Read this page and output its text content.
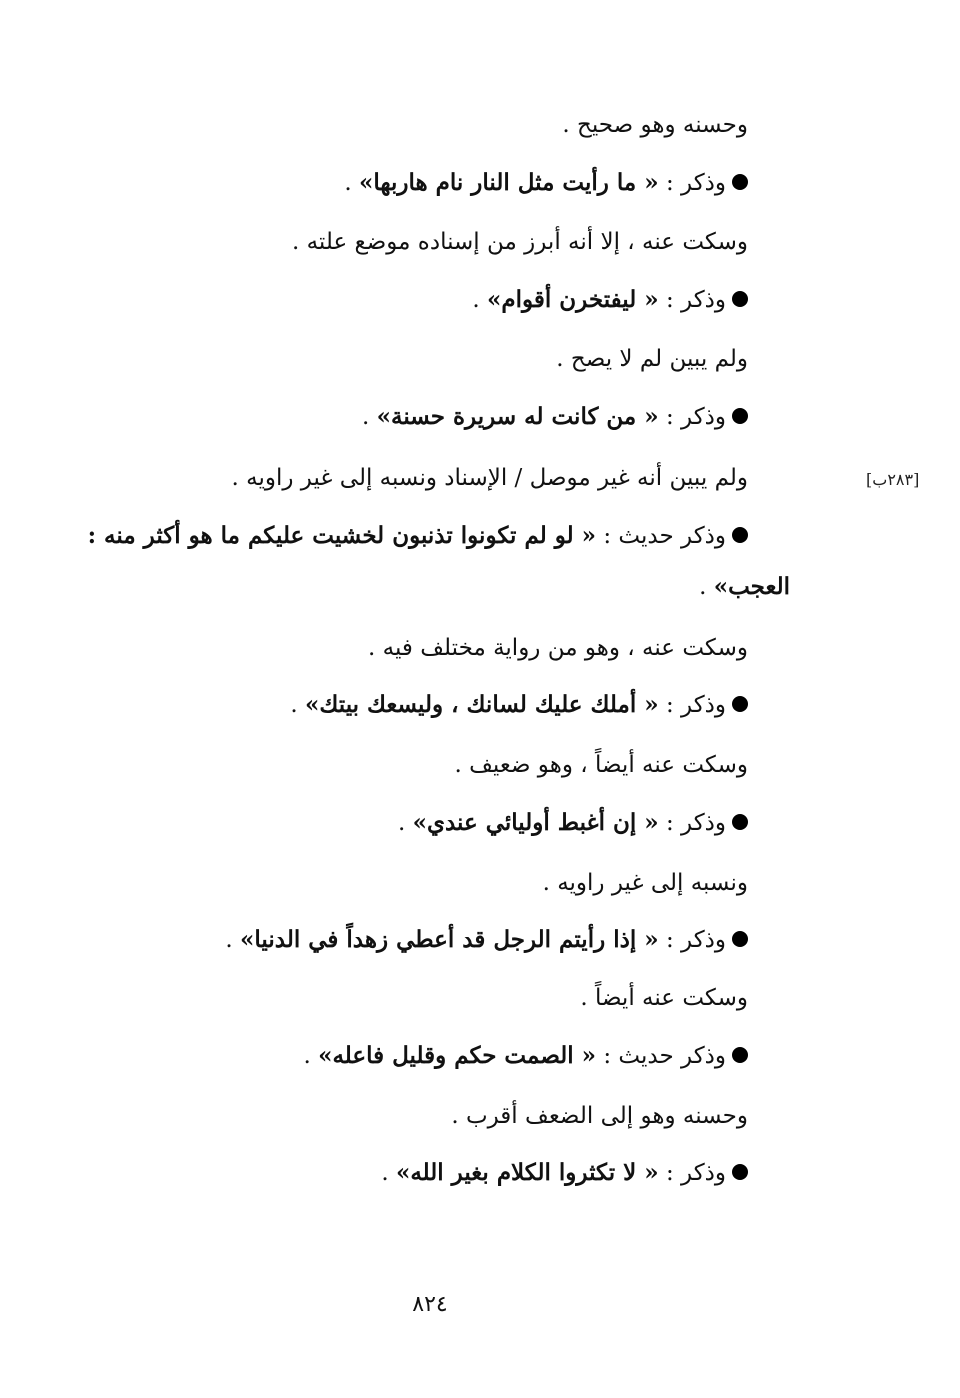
وحسنه وهو صحيح .
وذكر : « ما رأيت مثل النار نام هاربها» .
وسكت عنه ، إلا أنه أبرز من إسناده موضع علته .
وذكر : « ليفتخرن أقوام» .
ولم يبين لم لا يصح .
وذكر : « من كانت له سريرة حسنة» .
ولم يبين أنه غير موصل / الإسناد ونسبه إلى غير راويه .
وذكر حديث : « لو لم تكونوا تذنبون لخشيت عليكم ما هو أكثر منه :
العجب» .
وسكت عنه ، وهو من رواية مختلف فيه .
وذكر : « أملك عليك لسانك ، وليسعك بيتك» .
وسكت عنه أيضاً ، وهو ضعيف .
وذكر : « إن أغبط أوليائي عندي» .
ونسبه إلى غير راويه .
وذكر : « إذا رأيتم الرجل قد أعطي زهداً في الدنيا» .
وسكت عنه أيضاً .
وذكر حديث : « الصمت حكم وقليل فاعله» .
وحسنه وهو إلى الضعف أقرب .
وذكر : « لا تكثروا الكلام بغير الله» .
[٢٨٣ب]
٨٢٤
